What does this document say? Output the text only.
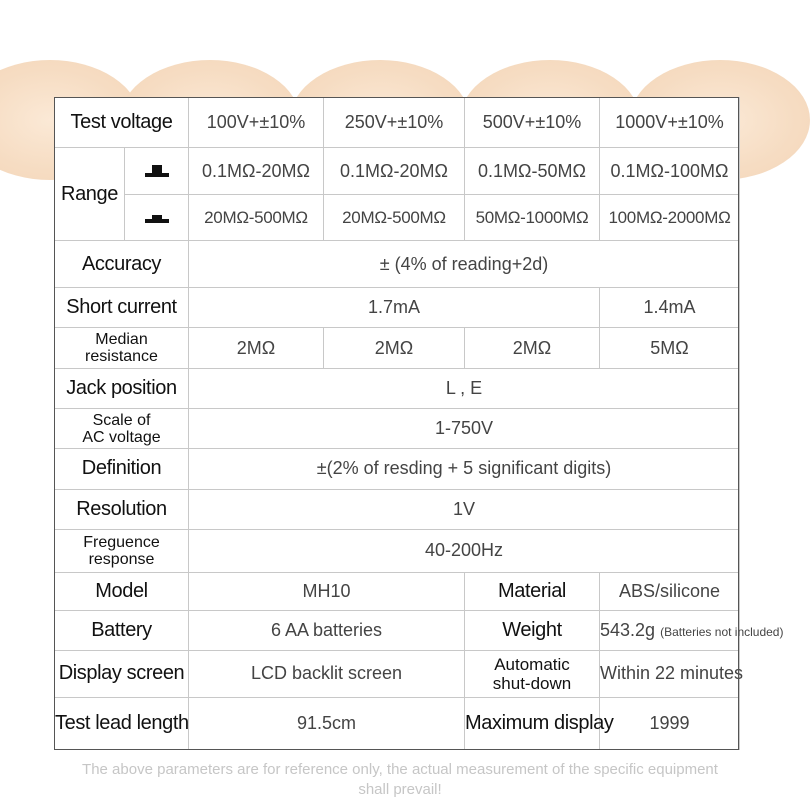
Test voltage		100V+±10%	250V+±10%	500V+±10%	1000V+±10%
Range		0.1MΩ-20MΩ	0.1MΩ-20MΩ	0.1MΩ-50MΩ	0.1MΩ-100MΩ
		20MΩ-500MΩ	20MΩ-500MΩ	50MΩ-1000MΩ	100MΩ-2000MΩ
Accuracy		± (4% of reading+2d)			
Short current		1.7mA			1.4mA
Median
resistance		2MΩ	2MΩ	2MΩ	5MΩ
Jack position		L , E			
Scale of
AC voltage		1-750V			
Definition		±(2% of resding + 5 significant digits)			
Resolution		1V			
Freguence
response		40-200Hz			
Model		MH10		Material	ABS/silicone
Battery		6 AA batteries		Weight	543.2g (Batteries not included)
Display screen		LCD backlit screen		Automatic
shut-down	Within 22 minutes
Test lead length		91.5cm		Maximum display	1999
The above parameters are for reference only, the actual measurement of the specific equipment
shall prevail!
